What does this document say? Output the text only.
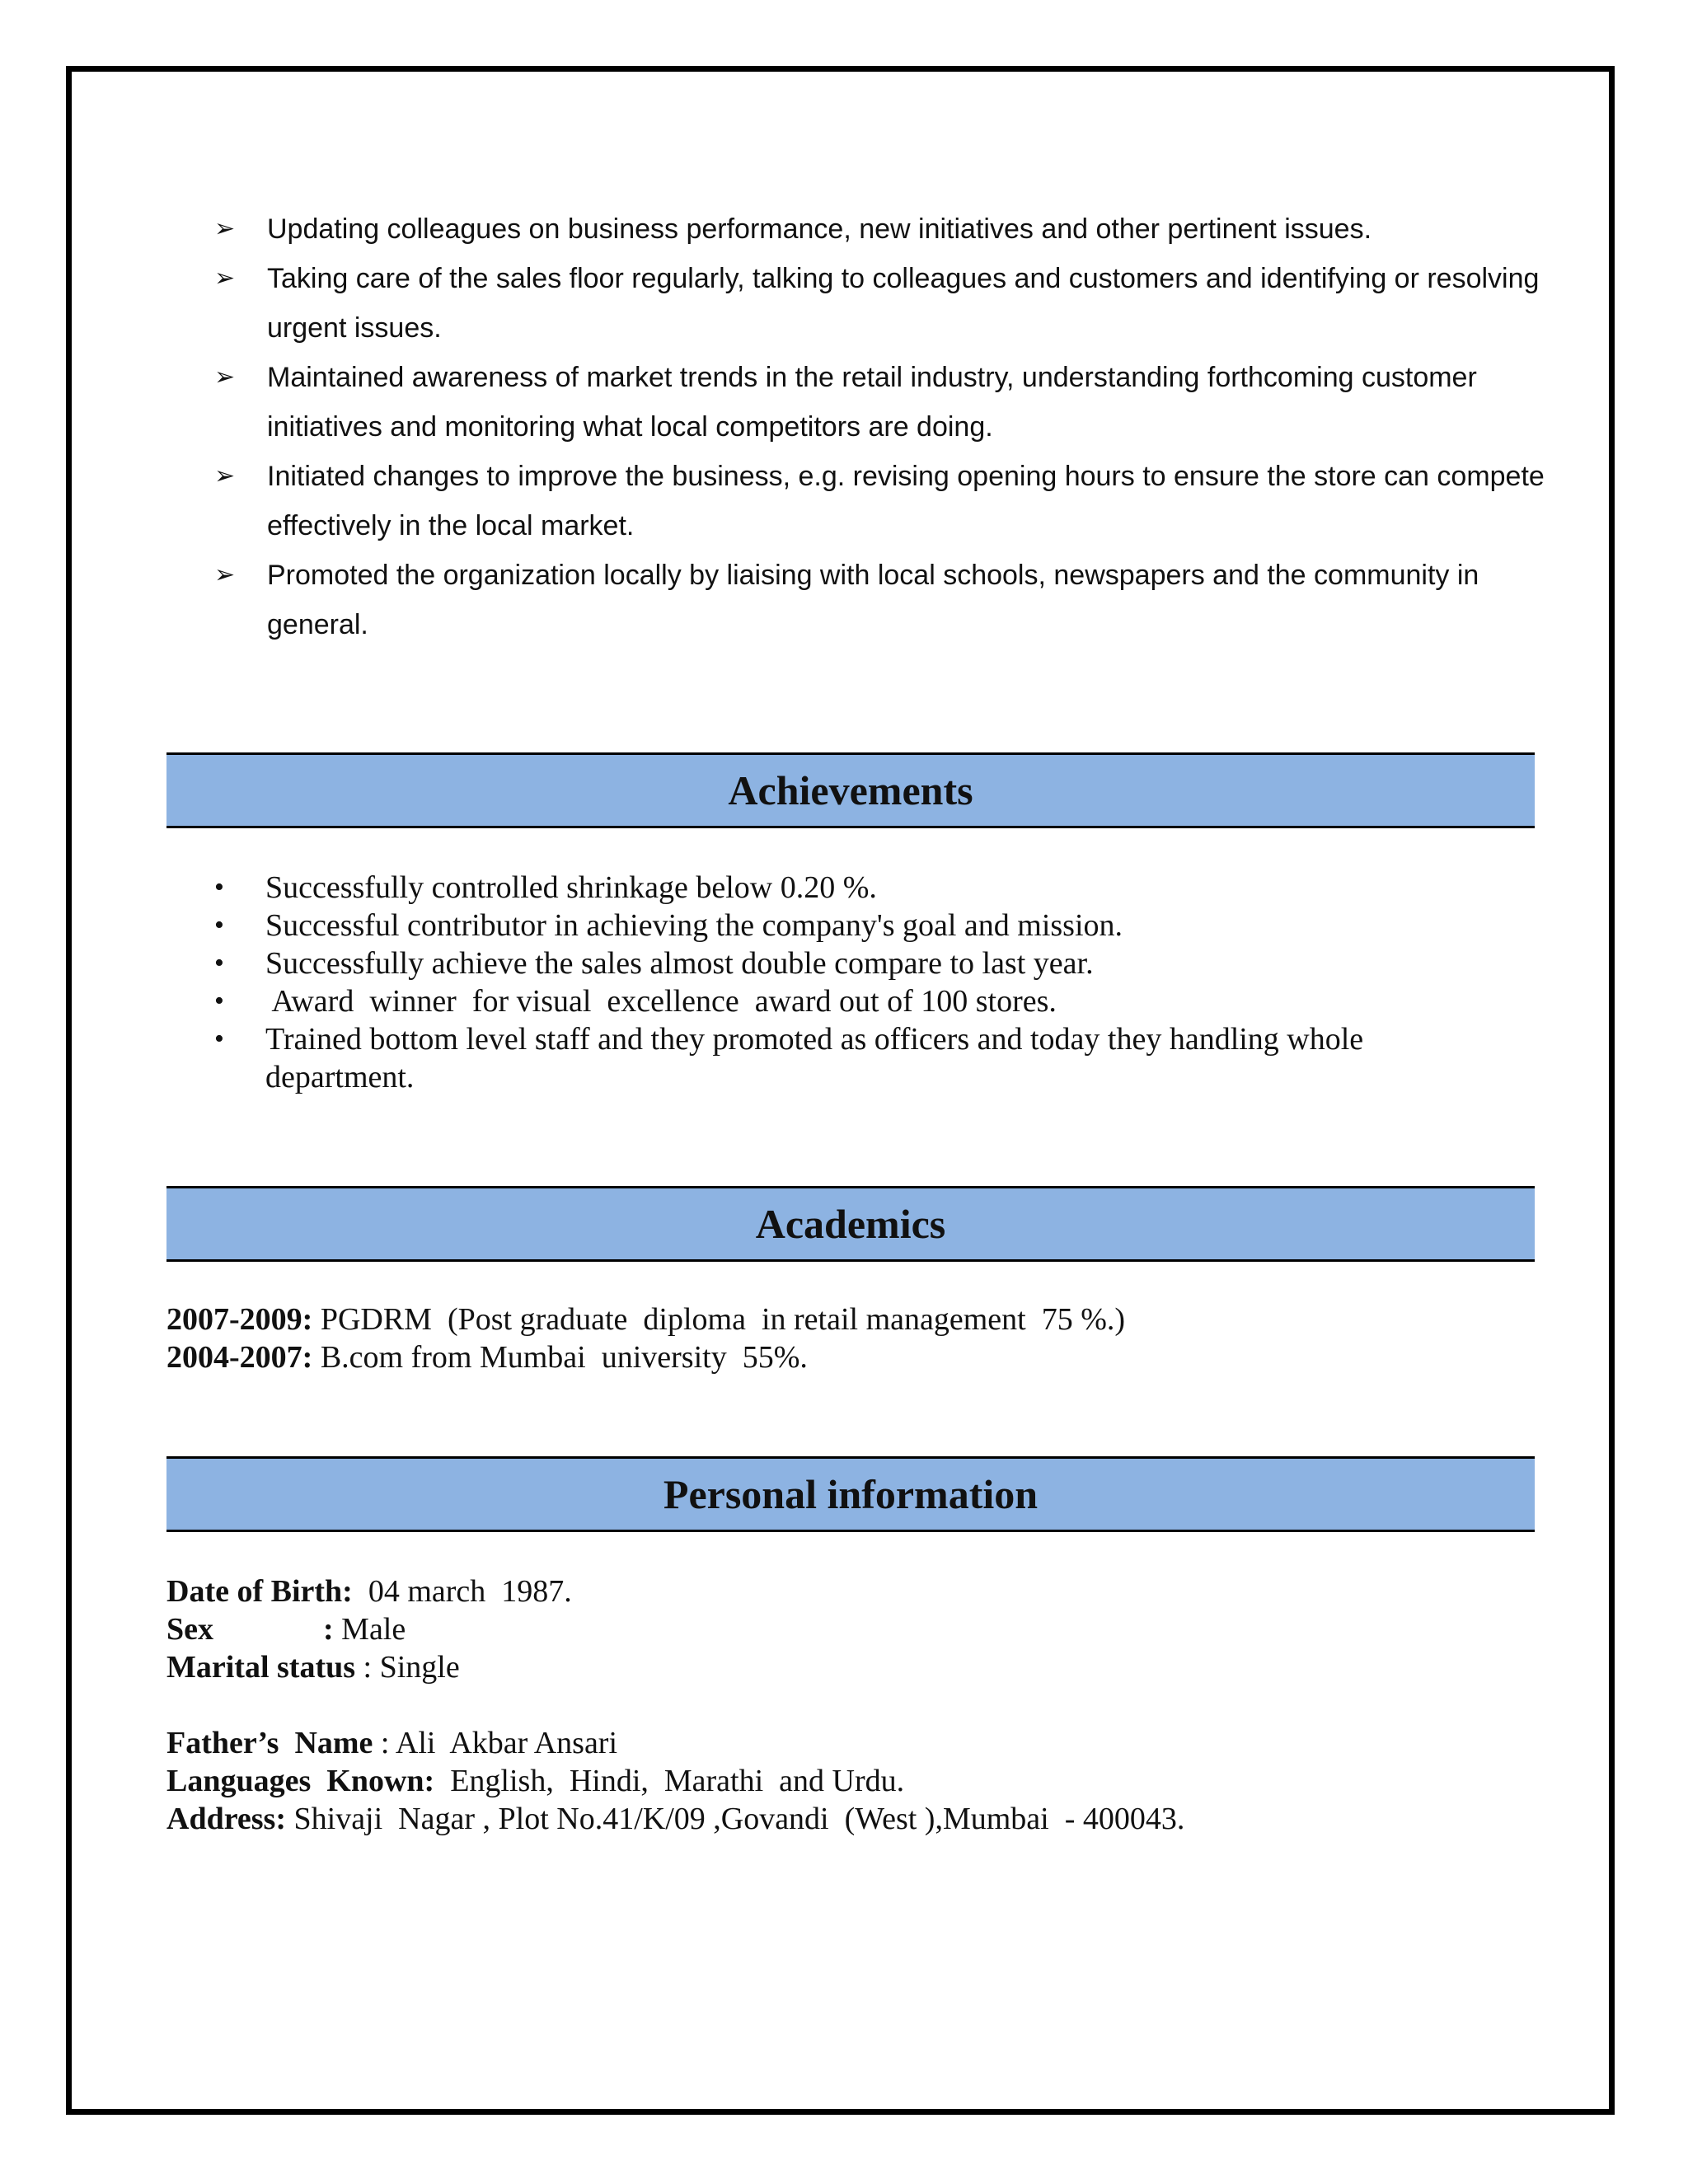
➢	Updating colleagues on business performance, new initiatives and other pertinent issues.
➢	Taking care of the sales floor regularly, talking to colleagues and customers and identifying or resolving urgent issues.
➢	Maintained awareness of market trends in the retail industry, understanding forthcoming customer initiatives and monitoring what local competitors are doing.
➢	Initiated changes to improve the business, e.g. revising opening hours to ensure the store can compete effectively in the local market.
➢	Promoted the organization locally by liaising with local schools, newspapers and the community in general.
Achievements
•	Successfully controlled shrinkage below 0.20 %.
•	Successful contributor in achieving the company's goal and mission.
•	Successfully achieve the sales almost double compare to last year.
•	Award  winner  for visual  excellence  award out of 100 stores.
•	Trained bottom level staff and they promoted as officers and today they handling whole department.
Academics
2007-2009: PGDRM  (Post graduate  diploma  in retail management  75 %.)
2004-2007: B.com from Mumbai  university  55%.
Personal information
Date of Birth:  04 march  1987.
Sex              : Male
Marital status : Single
Father’s  Name : Ali  Akbar Ansari
Languages  Known:  English,  Hindi,  Marathi  and Urdu.
Address: Shivaji  Nagar , Plot No.41/K/09 ,Govandi  (West ),Mumbai  - 400043.
